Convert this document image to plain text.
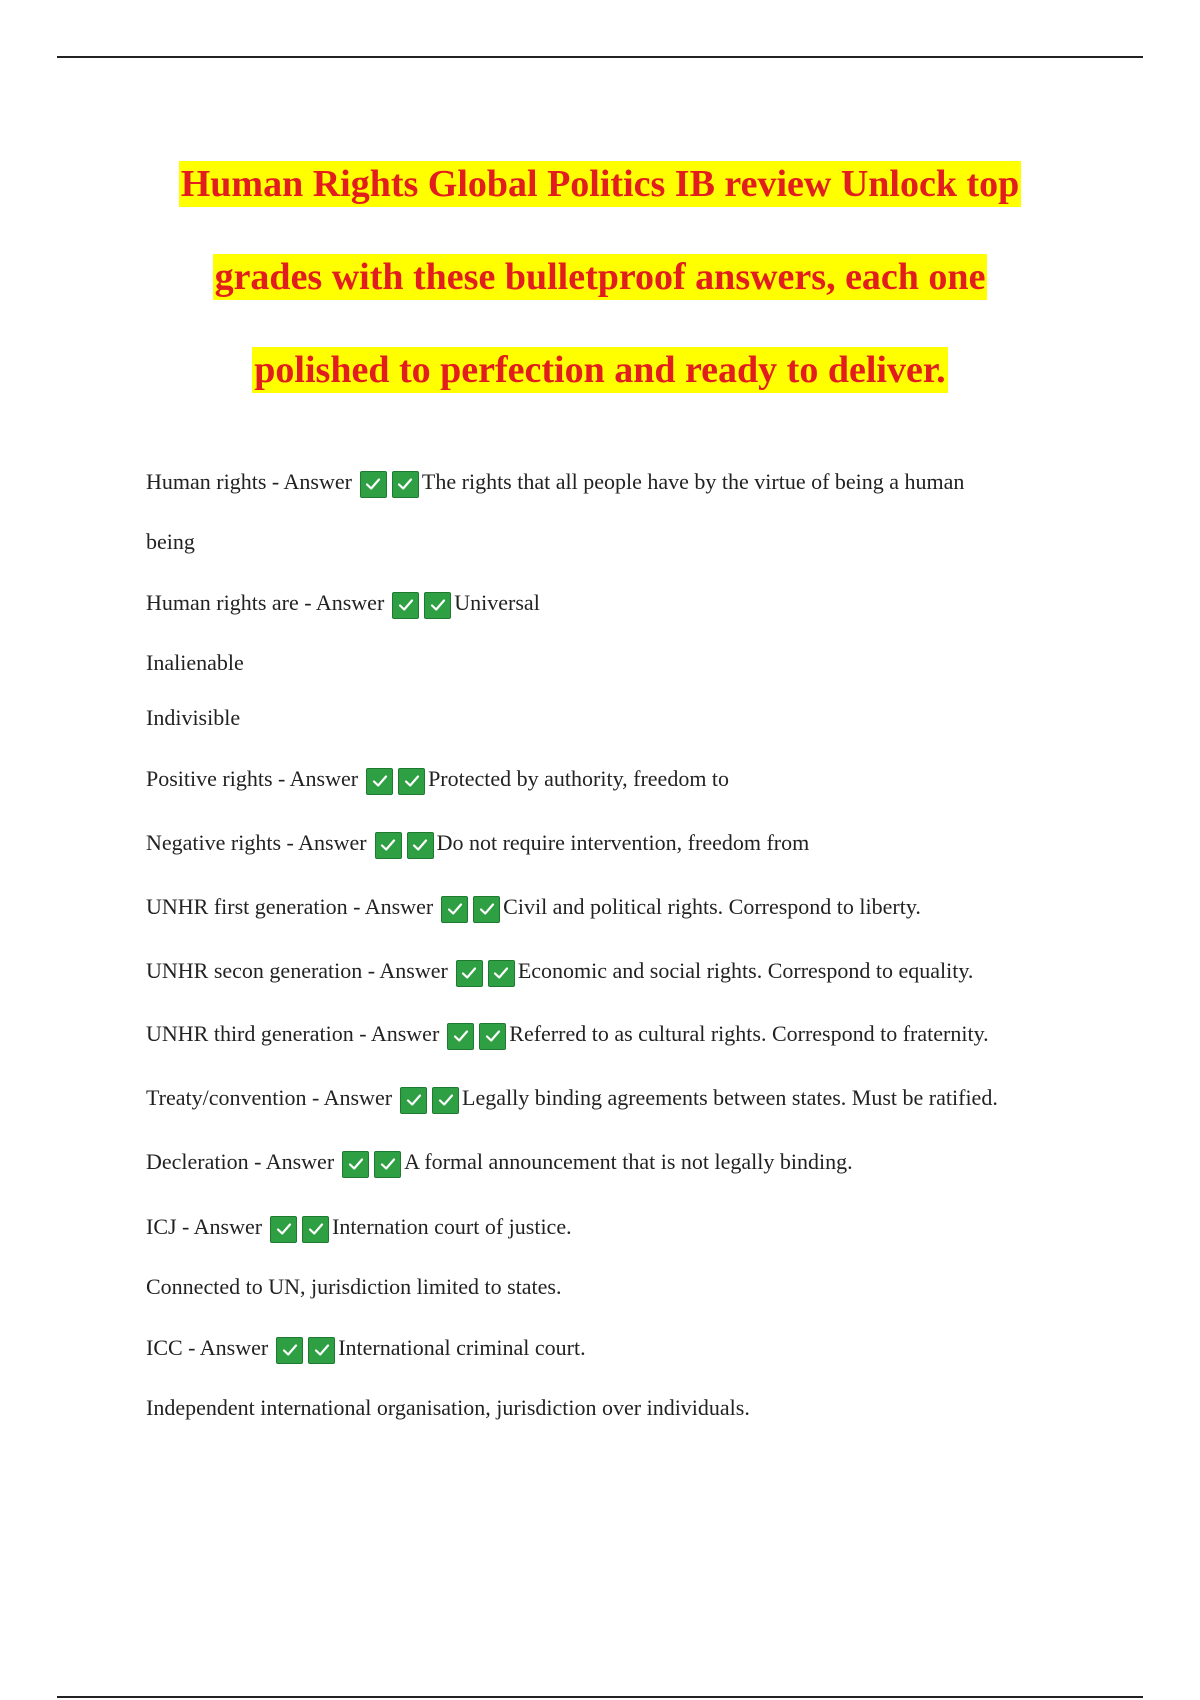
Human Rights Global Politics IB review Unlock top
grades with these bulletproof answers, each one
polished to perfection and ready to deliver.
Human rights - Answer	The rights that all people have by the virtue of being a human
being
Human rights are - Answer	Universal
Inalienable
Indivisible
Positive rights - Answer	Protected by authority, freedom to
Negative rights - Answer	Do not require intervention, freedom from
UNHR first generation - Answer	Civil and political rights. Correspond to liberty.
UNHR secon generation - Answer	Economic and social rights. Correspond to equality.
UNHR third generation - Answer	Referred to as cultural rights. Correspond to fraternity.
Treaty/convention - Answer	Legally binding agreements between states. Must be ratified.
Decleration - Answer	A formal announcement that is not legally binding.
ICJ - Answer	Internation court of justice.
Connected to UN, jurisdiction limited to states.
ICC - Answer	International criminal court.
Independent international organisation, jurisdiction over individuals.
